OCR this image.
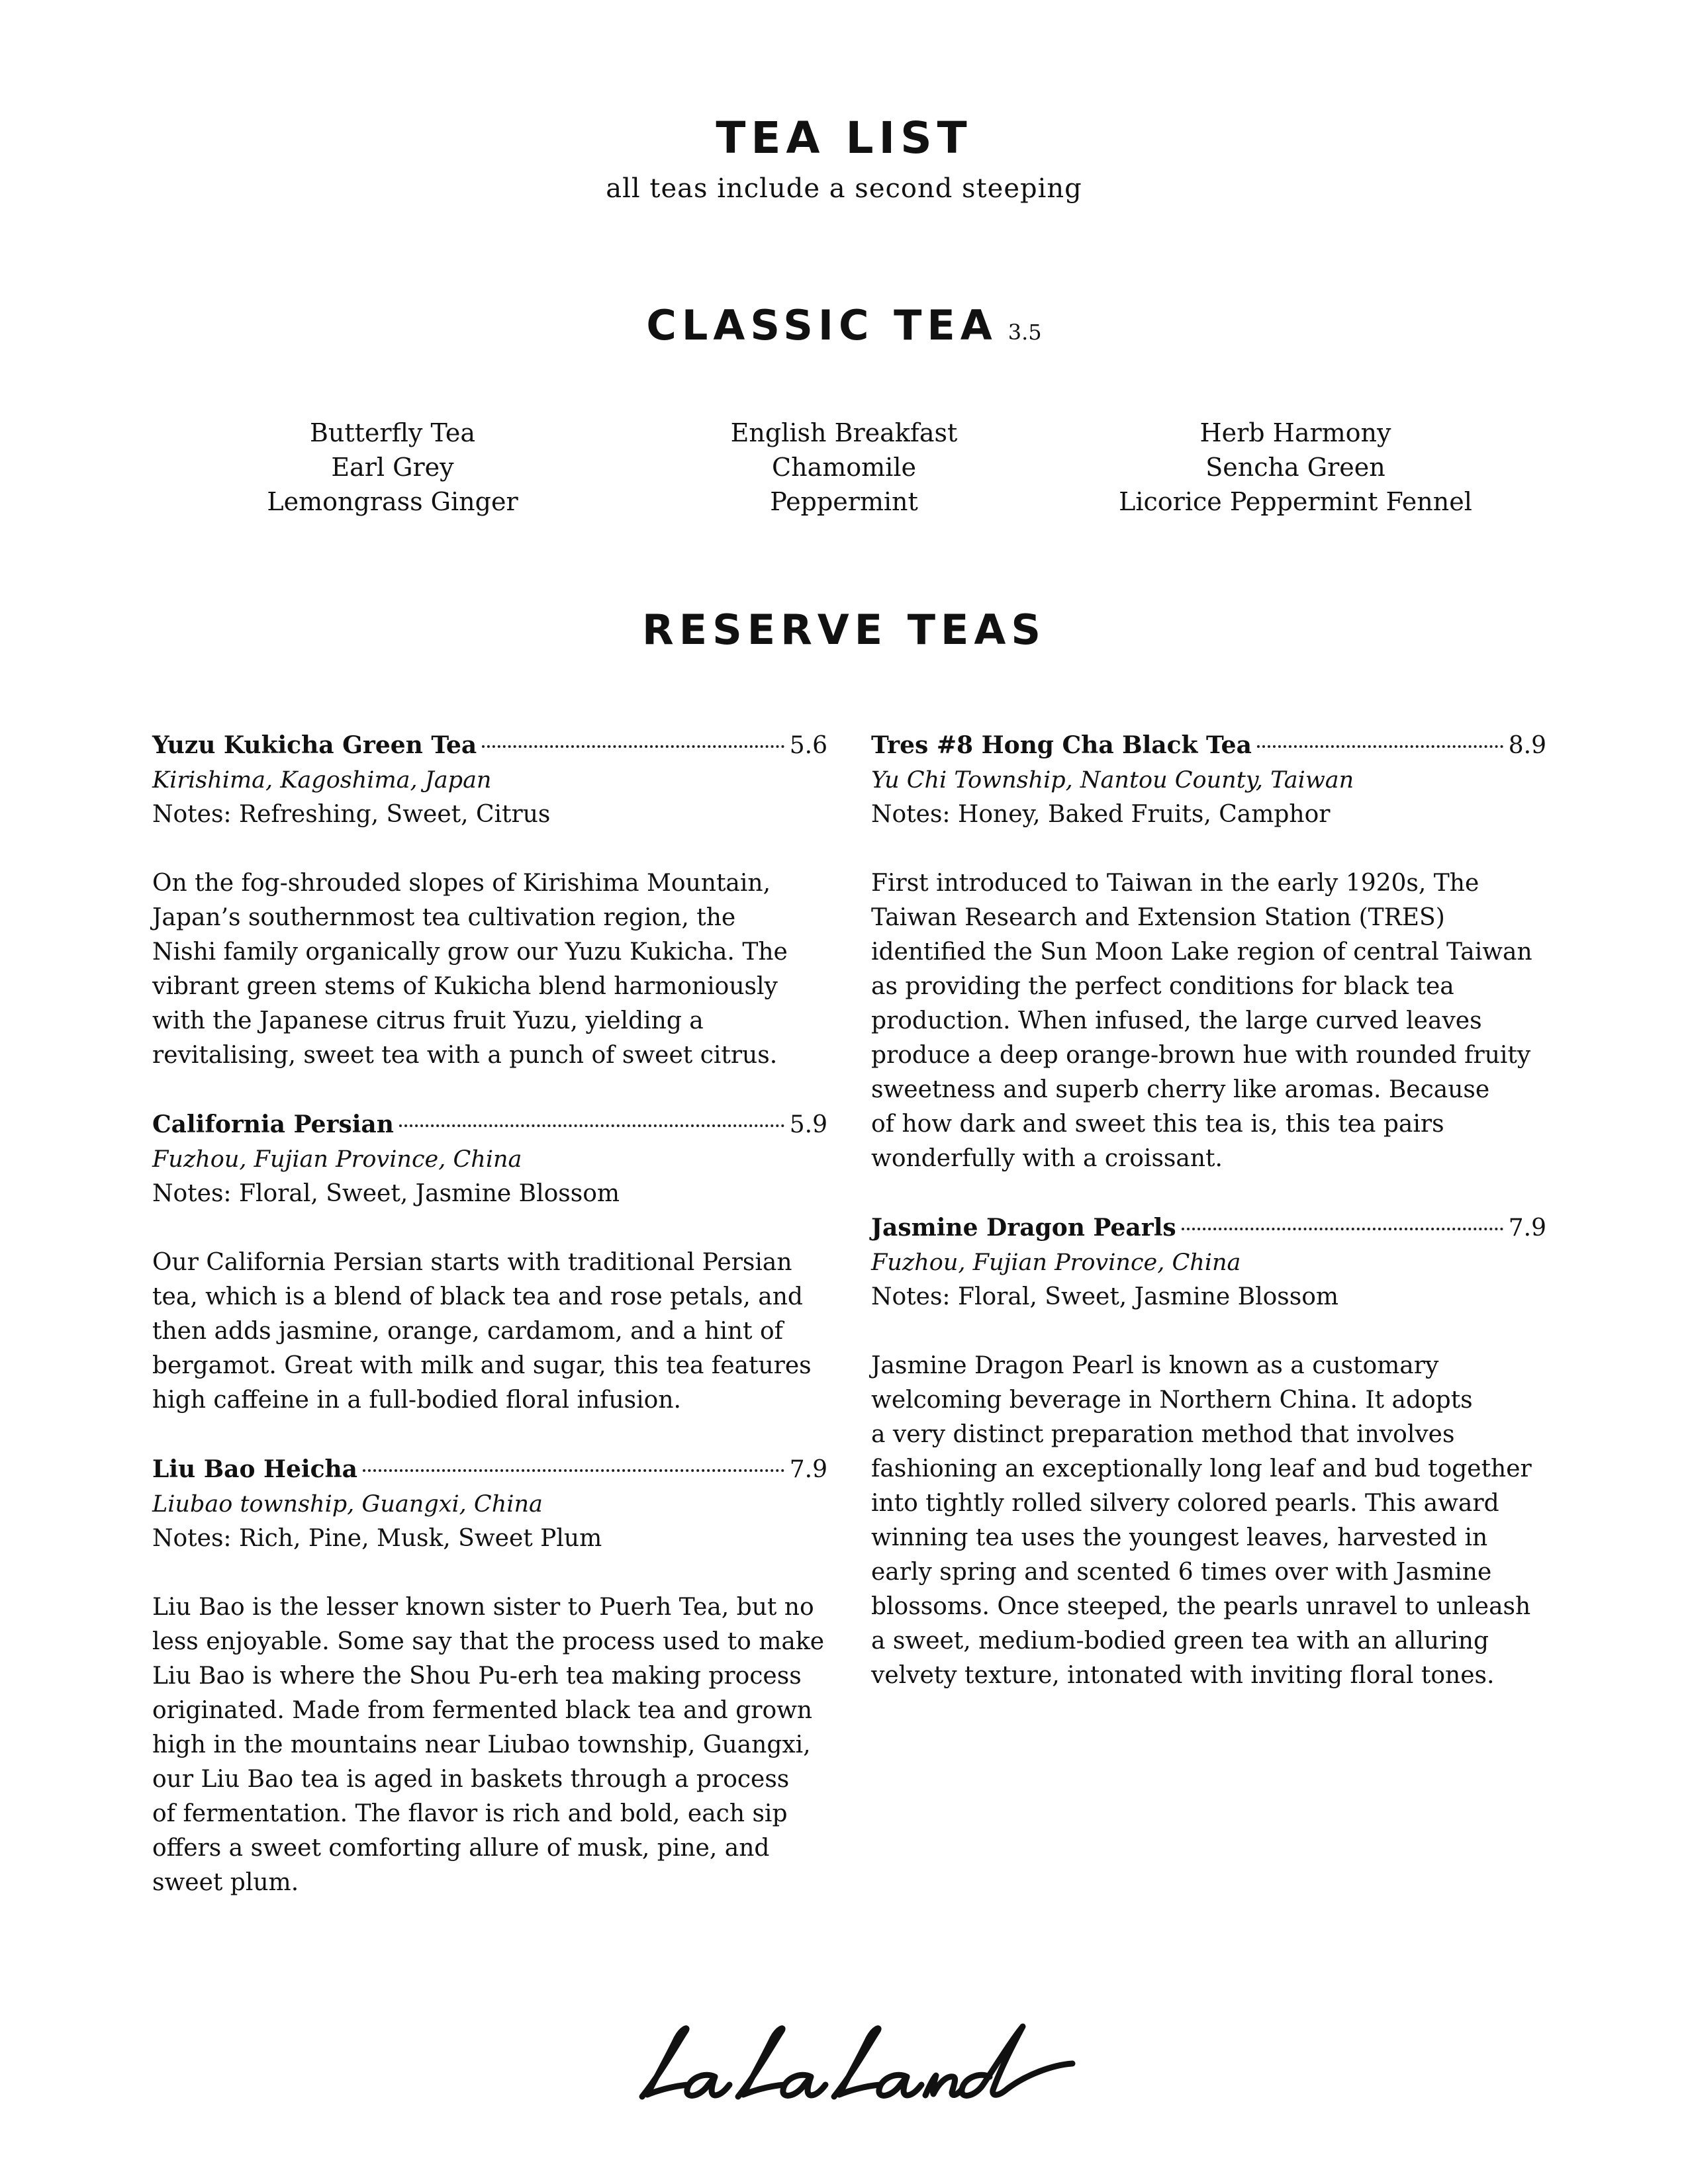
TEA LIST
all teas include a second steeping
CLASSIC TEA 3.5
Butterfly Tea
Earl Grey
Lemongrass Ginger
English Breakfast
Chamomile
Peppermint
Herb Harmony
Sencha Green
Licorice Peppermint Fennel
RESERVE TEAS
Yuzu Kukicha Green Tea	5.6
Kirishima, Kagoshima, Japan
Notes: Refreshing, Sweet, Citrus
On the fog-shrouded slopes of Kirishima Mountain,
Japan’s southernmost tea cultivation region, the
Nishi family organically grow our Yuzu Kukicha. The
vibrant green stems of Kukicha blend harmoniously
with the Japanese citrus fruit Yuzu, yielding a
revitalising, sweet tea with a punch of sweet citrus.
California Persian	5.9
Fuzhou, Fujian Province, China
Notes: Floral, Sweet, Jasmine Blossom
Our California Persian starts with traditional Persian
tea, which is a blend of black tea and rose petals, and
then adds jasmine, orange, cardamom, and a hint of
bergamot. Great with milk and sugar, this tea features
high caffeine in a full-bodied floral infusion.
Liu Bao Heicha	7.9
Liubao township, Guangxi, China
Notes: Rich, Pine, Musk, Sweet Plum
Liu Bao is the lesser known sister to Puerh Tea, but no
less enjoyable. Some say that the process used to make
Liu Bao is where the Shou Pu-erh tea making process
originated. Made from fermented black tea and grown
high in the mountains near Liubao township, Guangxi,
our Liu Bao tea is aged in baskets through a process
of fermentation. The flavor is rich and bold, each sip
offers a sweet comforting allure of musk, pine, and
sweet plum.
Tres #8 Hong Cha Black Tea	8.9
Yu Chi Township, Nantou County, Taiwan
Notes: Honey, Baked Fruits, Camphor
First introduced to Taiwan in the early 1920s, The
Taiwan Research and Extension Station (TRES)
identified the Sun Moon Lake region of central Taiwan
as providing the perfect conditions for black tea
production. When infused, the large curved leaves
produce a deep orange-brown hue with rounded fruity
sweetness and superb cherry like aromas. Because
of how dark and sweet this tea is, this tea pairs
wonderfully with a croissant.
Jasmine Dragon Pearls	7.9
Fuzhou, Fujian Province, China
Notes: Floral, Sweet, Jasmine Blossom
Jasmine Dragon Pearl is known as a customary
welcoming beverage in Northern China. It adopts
a very distinct preparation method that involves
fashioning an exceptionally long leaf and bud together
into tightly rolled silvery colored pearls. This award
winning tea uses the youngest leaves, harvested in
early spring and scented 6 times over with Jasmine
blossoms. Once steeped, the pearls unravel to unleash
a sweet, medium-bodied green tea with an alluring
velvety texture, intonated with inviting floral tones.
